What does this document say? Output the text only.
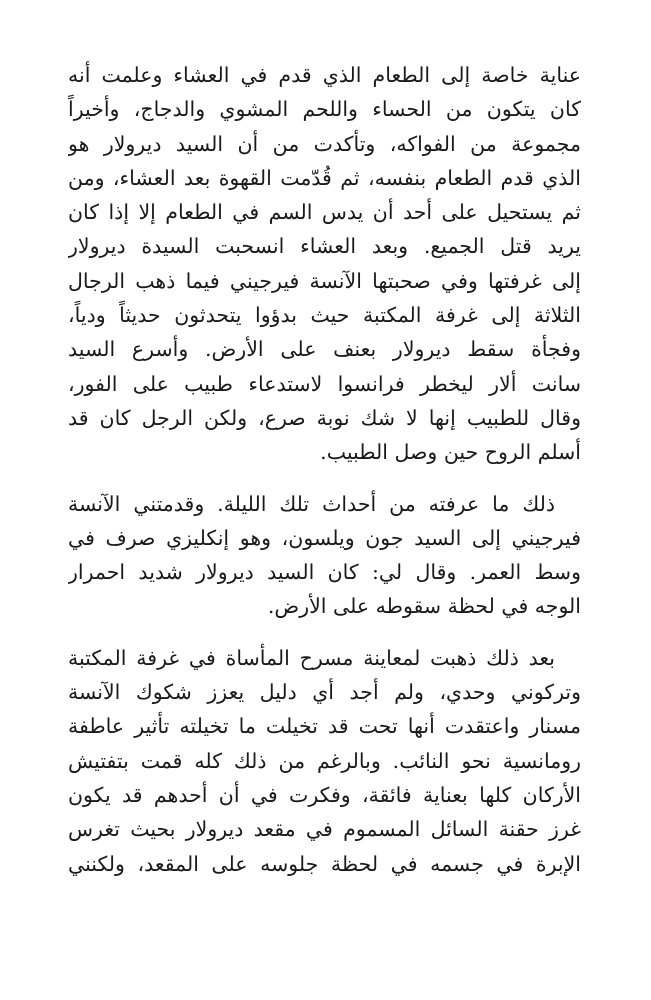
عناية خاصة إلى الطعام الذي قدم في العشاء وعلمت أنه
كان يتكون من الحساء واللحم المشوي والدجاج، وأخيراً
مجموعة من الفواكه، وتأكدت من أن السيد ديرولار هو
الذي قدم الطعام بنفسه، ثم قُدّمت القهوة بعد العشاء، ومن
ثم يستحيل على أحد أن يدس السم في الطعام إلا إذا كان
يريد قتل الجميع. وبعد العشاء انسحبت السيدة ديرولار
إلى غرفتها وفي صحبتها الآنسة فيرجيني فيما ذهب الرجال
الثلاثة إلى غرفة المكتبة حيث بدؤوا يتحدثون حديثاً ودياً،
وفجأة سقط ديرولار بعنف على الأرض. وأسرع السيد
سانت ألار ليخطر فرانسوا لاستدعاء طبيب على الفور،
وقال للطبيب إنها لا شك نوبة صرع، ولكن الرجل كان قد
أسلم الروح حين وصل الطبيب.
ذلك ما عرفته من أحداث تلك الليلة. وقدمتني الآنسة
فيرجيني إلى السيد جون ويلسون، وهو إنكليزي صرف في
وسط العمر. وقال لي: كان السيد ديرولار شديد احمرار
الوجه في لحظة سقوطه على الأرض.
بعد ذلك ذهبت لمعاينة مسرح المأساة في غرفة المكتبة
وتركوني وحدي، ولم أجد أي دليل يعزز شكوك الآنسة
مسنار واعتقدت أنها تحت قد تخيلت ما تخيلته تأثير عاطفة
رومانسية نحو النائب. وبالرغم من ذلك كله قمت بتفتيش
الأركان كلها بعناية فائقة، وفكرت في أن أحدهم قد يكون
غرز حقنة السائل المسموم في مقعد ديرولار بحيث تغرس
الإبرة في جسمه في لحظة جلوسه على المقعد، ولكنني
